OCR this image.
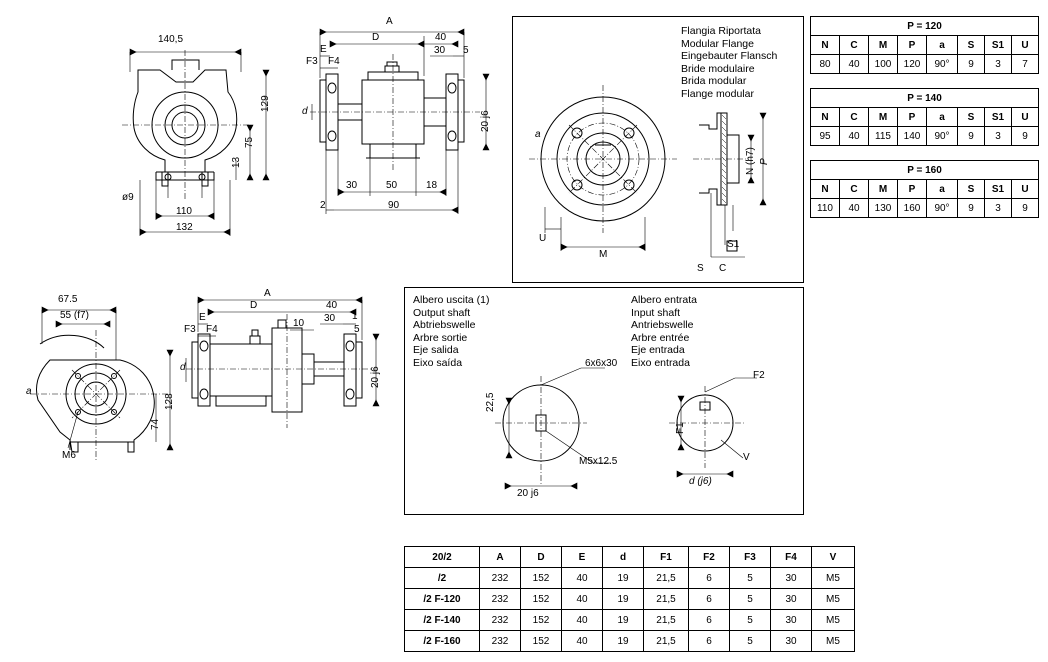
140,5
129
75
13
ø9
110
132
A
D	40
E
F3 F4
30 5
20 j6
d
30	50	18
2	90
67.5
55 (f7)
a
128
74
M6
A
D	40
E
F3 F4
1
10 30
5
20 j6
d
Flangia Riportata
Modular Flange
Eingebauter Flansch
Bride modulaire
Brida modular
Flange modular
a
U
M
S C
S1
N (h7) P
Albero uscita (1)
Output shaft
Abtriebswelle
Arbre sortie
Eje salida
Eixo saída
Albero entrata
Input shaft
Antriebswelle
Arbre entrée
Eje entrada
Eixo entrada
6x6x30
22,5
M5x12.5
20 j6
F2
F1
V
d (j6)
P = 120							
N	C	M	P	a	S	S1	U
80	40	100	120	90°	9	3	7
P = 140							
N	C	M	P	a	S	S1	U
95	40	115	140	90°	9	3	9
P = 160							
N	C	M	P	a	S	S1	U
110	40	130	160	90°	9	3	9
20/2	A	D	E	d	F1	F2	F3	F4	V
/2	232	152	40	19	21,5	6	5	30	M5
/2 F-120	232	152	40	19	21,5	6	5	30	M5
/2 F-140	232	152	40	19	21,5	6	5	30	M5
/2 F-160	232	152	40	19	21,5	6	5	30	M5
